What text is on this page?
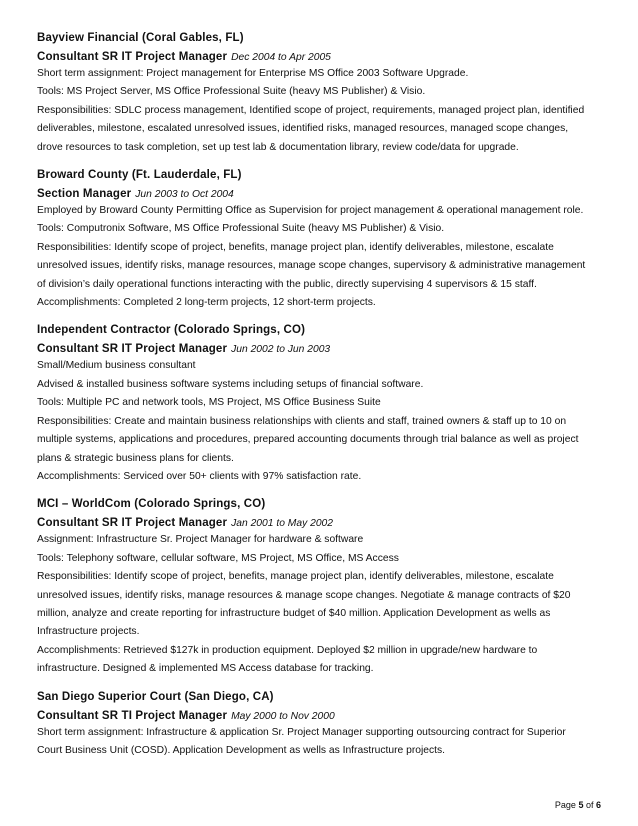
Bayview Financial (Coral Gables, FL)
Consultant SR IT Project Manager Dec 2004 to Apr 2005
Short term assignment: Project management for Enterprise MS Office 2003 Software Upgrade.
Tools: MS Project Server, MS Office Professional Suite (heavy MS Publisher) & Visio.
Responsibilities: SDLC process management, Identified scope of project, requirements, managed project plan, identified
deliverables, milestone, escalated unresolved issues, identified risks, managed resources, managed scope changes,
drove resources to task completion, set up test lab & documentation library, review code/data for upgrade.
Broward County (Ft. Lauderdale, FL)
Section Manager Jun 2003 to Oct 2004
Employed by Broward County Permitting Office as Supervision for project management & operational management role.
Tools: Computronix Software, MS Office Professional Suite (heavy MS Publisher) & Visio.
Responsibilities: Identify scope of project, benefits, manage project plan, identify deliverables, milestone, escalate
unresolved issues, identify risks, manage resources, manage scope changes, supervisory & administrative management
of division’s daily operational functions interacting with the public, directly supervising 4 supervisors & 15 staff.
Accomplishments: Completed 2 long-term projects, 12 short-term projects.
Independent Contractor (Colorado Springs, CO)
Consultant SR IT Project Manager Jun 2002 to Jun 2003
Small/Medium business consultant
Advised & installed business software systems including setups of financial software.
Tools: Multiple PC and network tools, MS Project, MS Office Business Suite
Responsibilities: Create and maintain business relationships with clients and staff, trained owners & staff up to 10 on
multiple systems, applications and procedures, prepared accounting documents through trial balance as well as project
plans & strategic business plans for clients.
Accomplishments: Serviced over 50+ clients with 97% satisfaction rate.
MCI – WorldCom (Colorado Springs, CO)
Consultant SR IT Project Manager Jan 2001 to May 2002
Assignment: Infrastructure Sr. Project Manager for hardware & software
Tools: Telephony software, cellular software, MS Project, MS Office, MS Access
Responsibilities: Identify scope of project, benefits, manage project plan, identify deliverables, milestone, escalate
unresolved issues, identify risks, manage resources & manage scope changes. Negotiate & manage contracts of $20
million, analyze and create reporting for infrastructure budget of $40 million. Application Development as wells as
Infrastructure projects.
Accomplishments: Retrieved $127k in production equipment. Deployed $2 million in upgrade/new hardware to
infrastructure. Designed & implemented MS Access database for tracking.
San Diego Superior Court (San Diego, CA)
Consultant SR TI Project Manager May 2000 to Nov 2000
Short term assignment: Infrastructure & application Sr. Project Manager supporting outsourcing contract for Superior
Court Business Unit (COSD). Application Development as wells as Infrastructure projects.
Page 5 of 6
